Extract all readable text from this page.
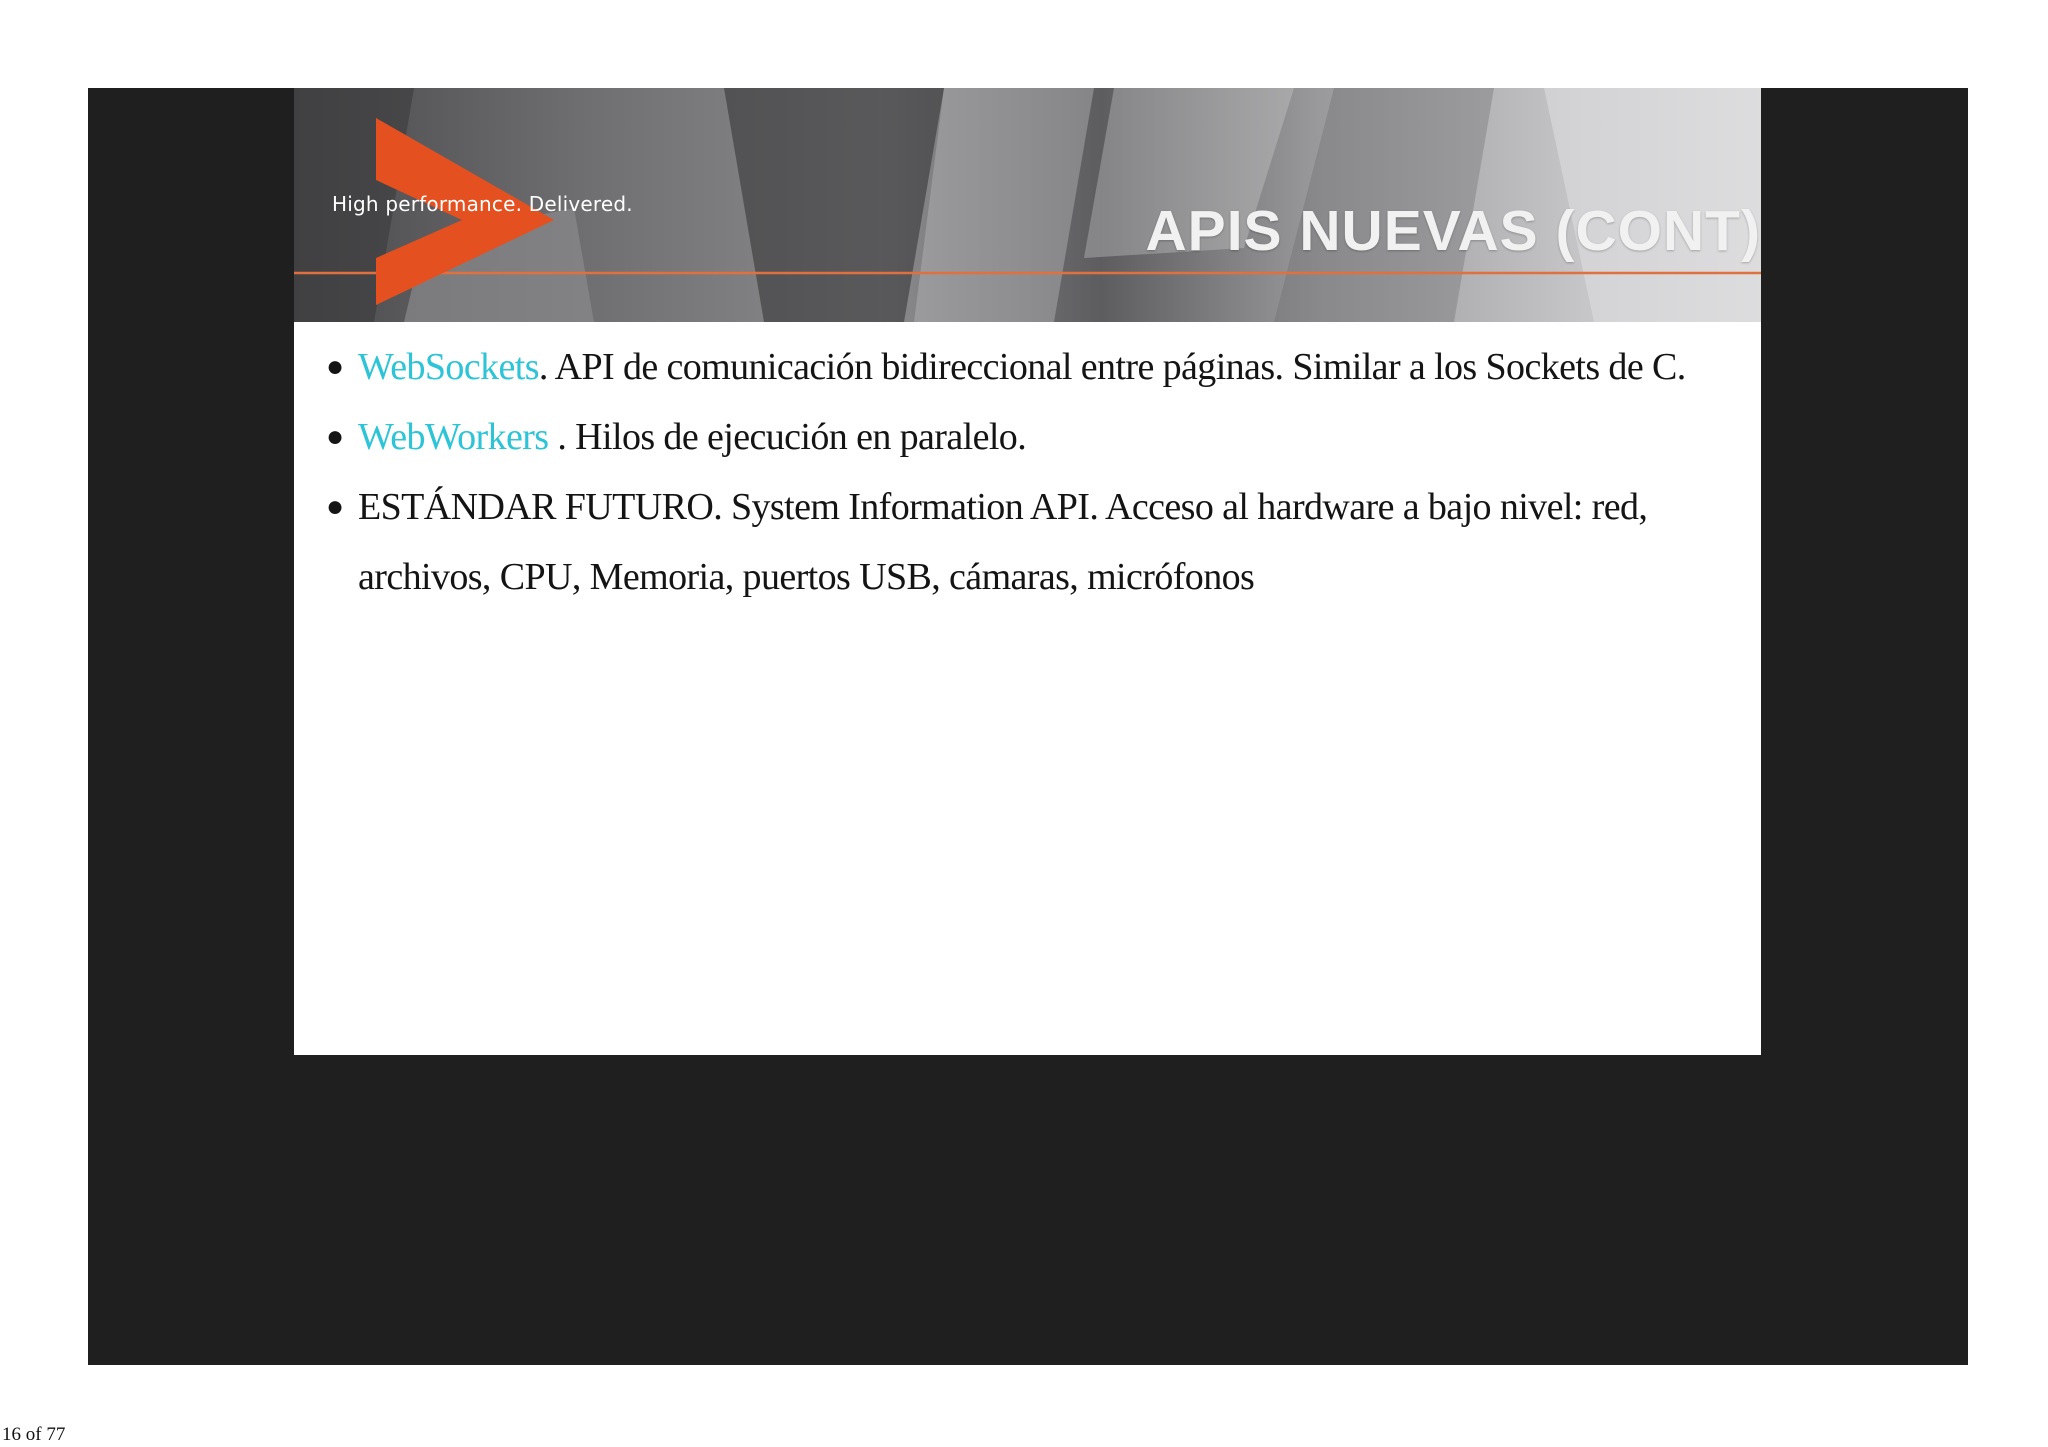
High performance. Delivered.	APIS NUEVAS (CONT)
● WebSockets. API de comunicación bidireccional entre páginas. Similar a los Sockets de C.
● WebWorkers . Hilos de ejecución en paralelo.
● ESTÁNDAR FUTURO. System Information API. Acceso al hardware a bajo nivel: red, archivos, CPU, Memoria, puertos USB, cámaras, micrófonos
16 of 77
